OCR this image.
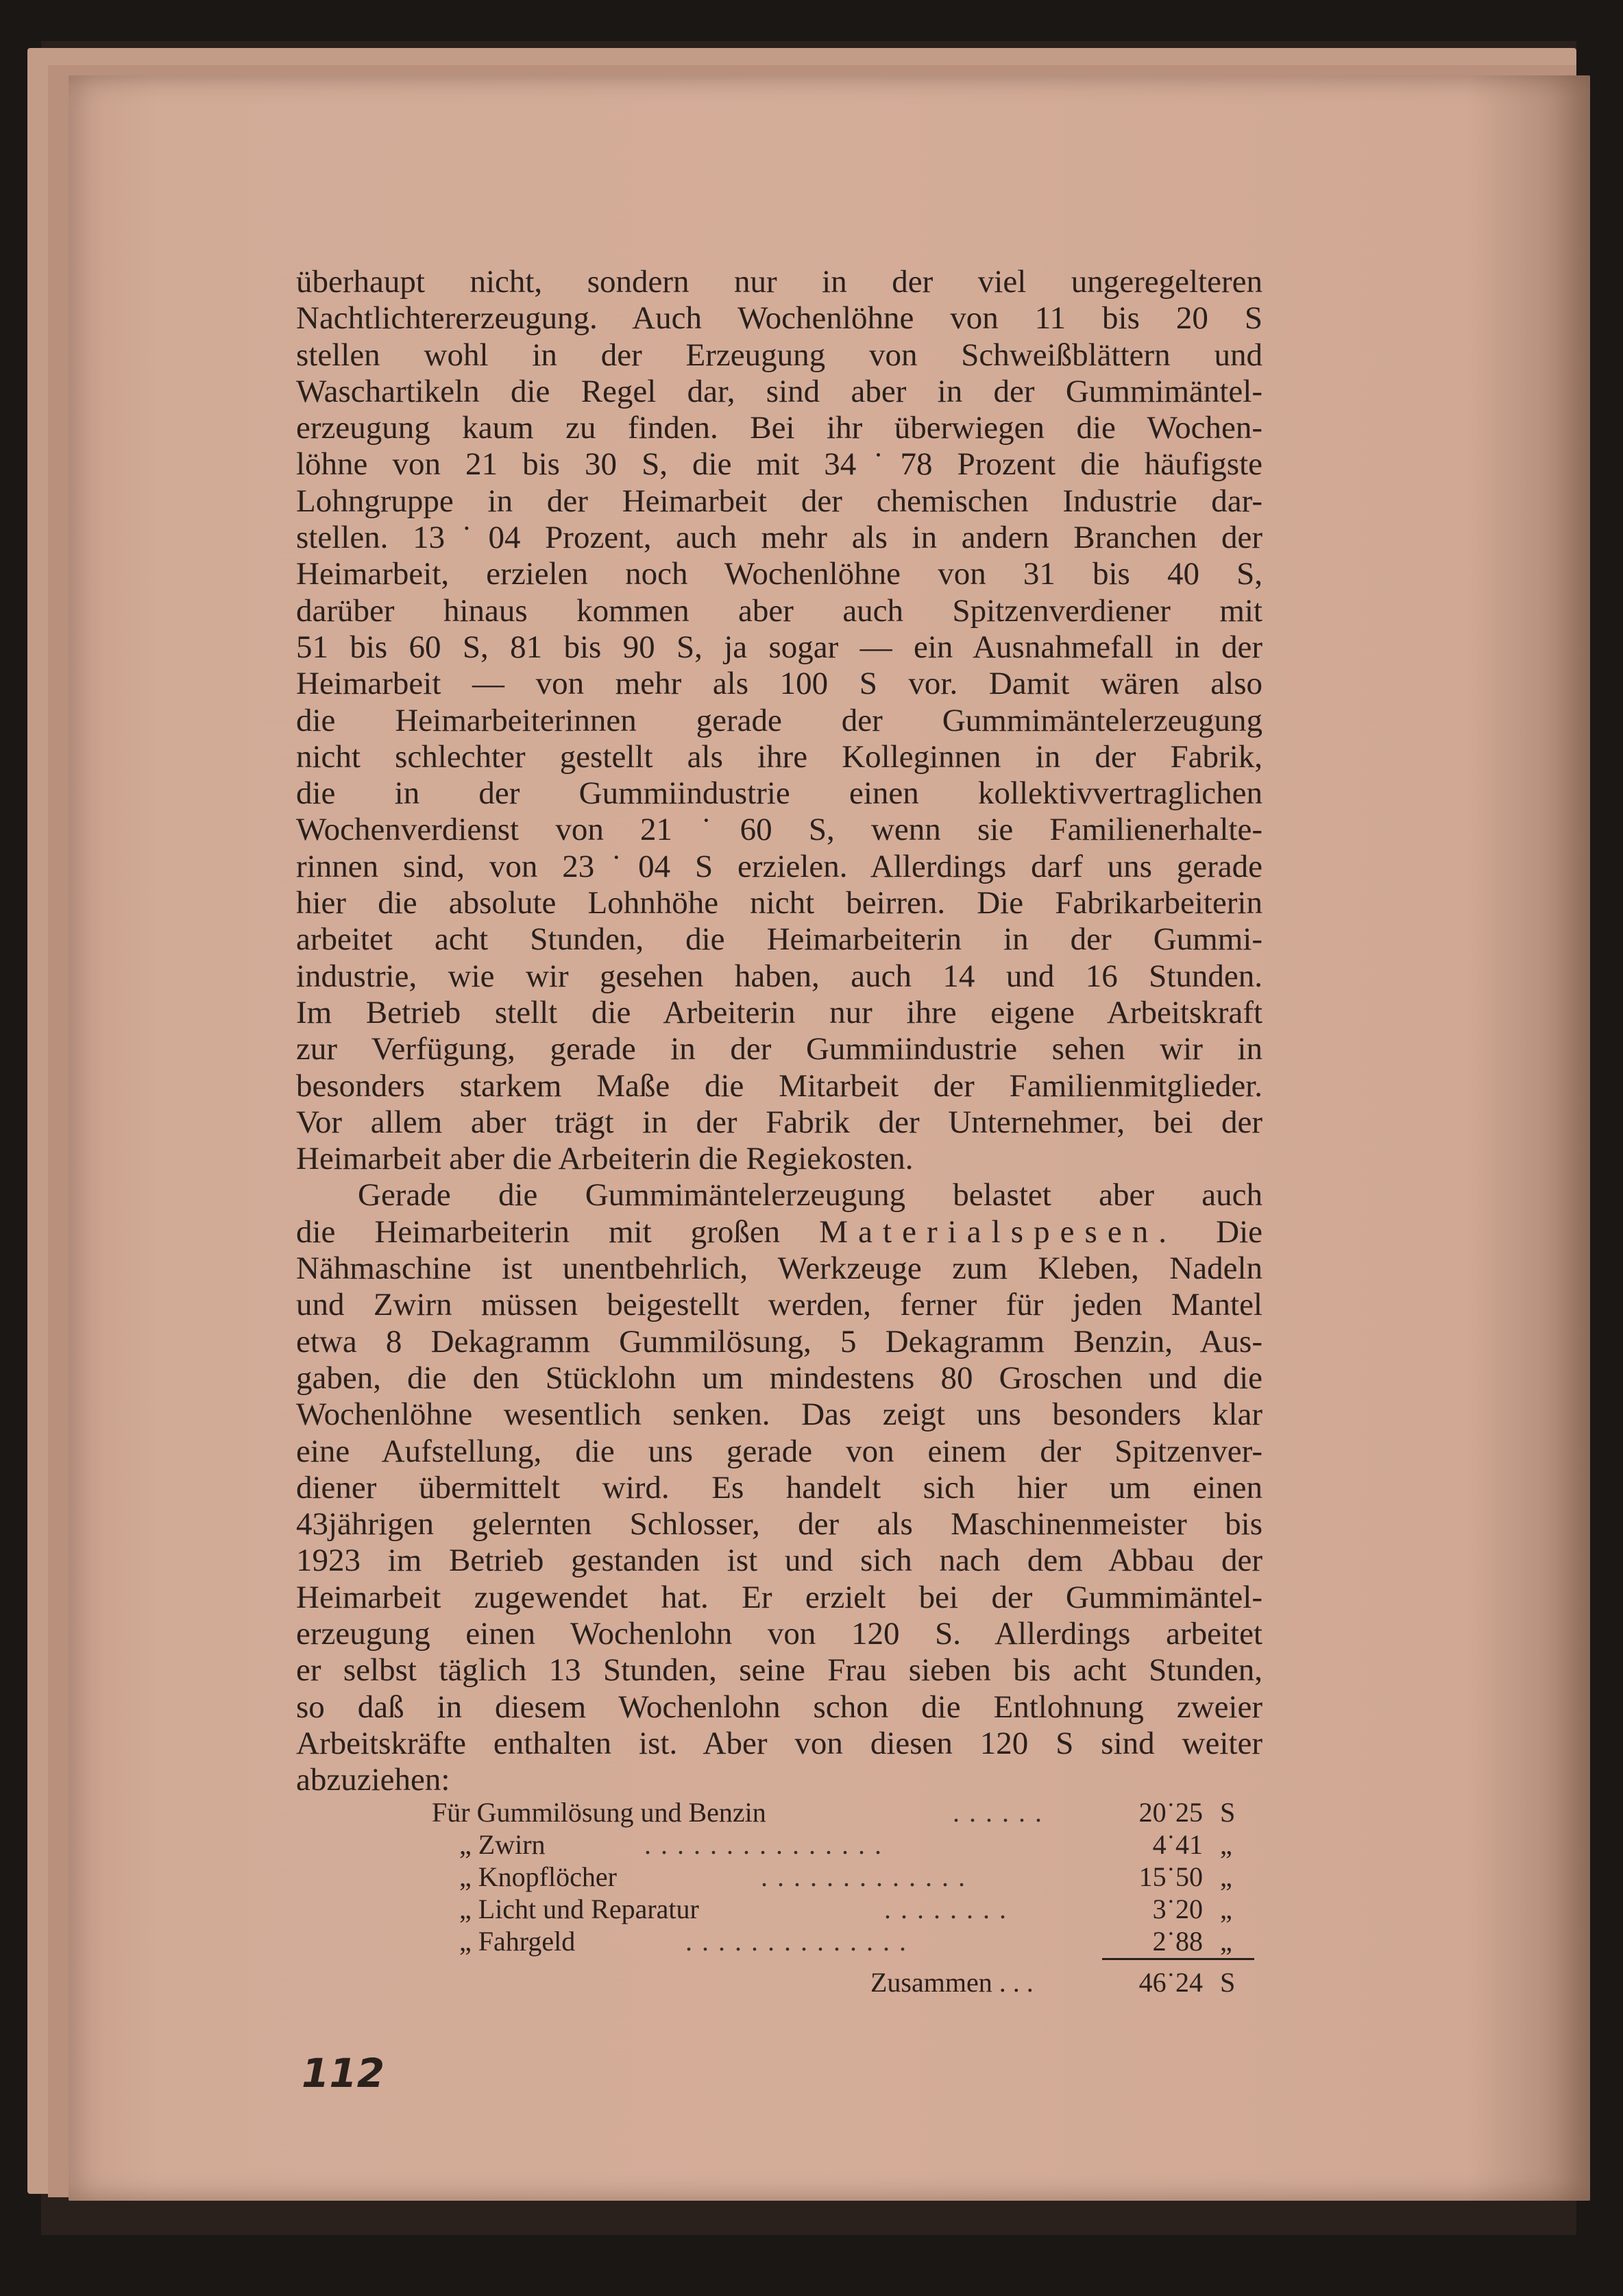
überhaupt nicht, sondern nur in der viel ungeregelteren
Nachtlichtererzeugung. Auch Wochenlöhne von 11 bis 20 S
stellen wohl in der Erzeugung von Schweißblättern und
Waschartikeln die Regel dar, sind aber in der Gummimäntel-
erzeugung kaum zu finden. Bei ihr überwiegen die Wochen-
löhne von 21 bis 30 S, die mit 34˙78 Prozent die häufigste
Lohngruppe in der Heimarbeit der chemischen Industrie dar-
stellen. 13˙04 Prozent, auch mehr als in andern Branchen der
Heimarbeit, erzielen noch Wochenlöhne von 31 bis 40 S,
darüber hinaus kommen aber auch Spitzenverdiener mit
51 bis 60 S, 81 bis 90 S, ja sogar — ein Ausnahmefall in der
Heimarbeit — von mehr als 100 S vor. Damit wären also
die Heimarbeiterinnen gerade der Gummimäntelerzeugung
nicht schlechter gestellt als ihre Kolleginnen in der Fabrik,
die in der Gummiindustrie einen kollektivvertraglichen
Wochenverdienst von 21˙60 S, wenn sie Familienerhalte-
rinnen sind, von 23˙04 S erzielen. Allerdings darf uns gerade
hier die absolute Lohnhöhe nicht beirren. Die Fabrikarbeiterin
arbeitet acht Stunden, die Heimarbeiterin in der Gummi-
industrie, wie wir gesehen haben, auch 14 und 16 Stunden.
Im Betrieb stellt die Arbeiterin nur ihre eigene Arbeitskraft
zur Verfügung, gerade in der Gummiindustrie sehen wir in
besonders starkem Maße die Mitarbeit der Familienmitglieder.
Vor allem aber trägt in der Fabrik der Unternehmer, bei der
Heimarbeit aber die Arbeiterin die Regiekosten.
Gerade die Gummimäntelerzeugung belastet aber auch
die Heimarbeiterin mit großen Materialspesen. Die
Nähmaschine ist unentbehrlich, Werkzeuge zum Kleben, Nadeln
und Zwirn müssen beigestellt werden, ferner für jeden Mantel
etwa 8 Dekagramm Gummilösung, 5 Dekagramm Benzin, Aus-
gaben, die den Stücklohn um mindestens 80 Groschen und die
Wochenlöhne wesentlich senken. Das zeigt uns besonders klar
eine Aufstellung, die uns gerade von einem der Spitzenver-
diener übermittelt wird. Es handelt sich hier um einen
43jährigen gelernten Schlosser, der als Maschinenmeister bis
1923 im Betrieb gestanden ist und sich nach dem Abbau der
Heimarbeit zugewendet hat. Er erzielt bei der Gummimäntel-
erzeugung einen Wochenlohn von 120 S. Allerdings arbeitet
er selbst täglich 13 Stunden, seine Frau sieben bis acht Stunden,
so daß in diesem Wochenlohn schon die Entlohnung zweier
Arbeitskräfte enthalten ist. Aber von diesen 120 S sind weiter
abzuziehen:
Für Gummilösung und Benzin	......	20˙25 S
„ Zwirn	...............	4˙41 „
„ Knopflöcher	.............	15˙50 „
„ Licht und Reparatur	........	3˙20 „
„ Fahrgeld	..............	2˙88 „
Zusammen . . .	46˙24 S
112
